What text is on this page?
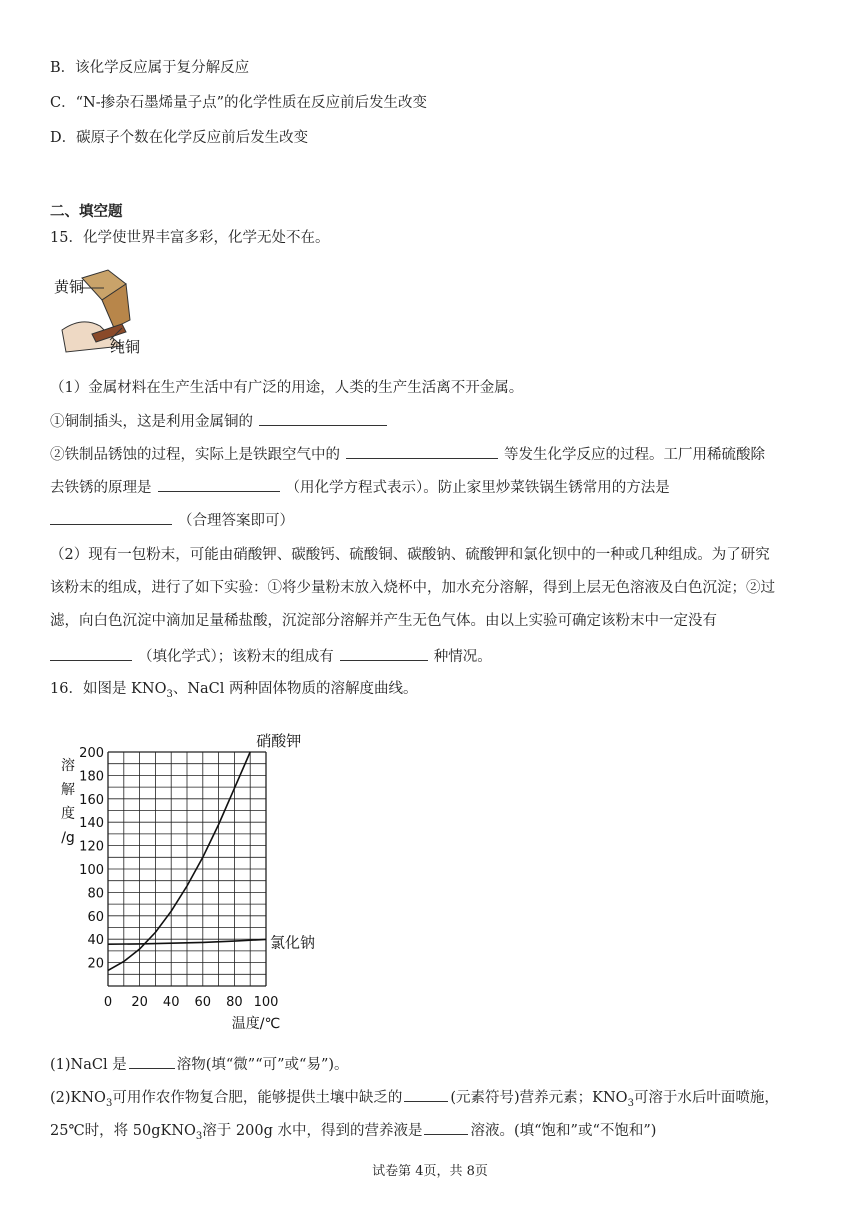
B．该化学反应属于复分解反应
C．“N-掺杂石墨烯量子点”的化学性质在反应前后发生改变
D．碳原子个数在化学反应前后发生改变
二、填空题
15．化学使世界丰富多彩，化学无处不在。
黄铜
纯铜
（1）金属材料在生产生活中有广泛的用途，人类的生产生活离不开金属。
①铜制插头，这是利用金属铜的
②铁制品锈蚀的过程，实际上是铁跟空气中的	等发生化学反应的过程。工厂用稀硫酸除
去铁锈的原理是	（用化学方程式表示）。防止家里炒菜铁锅生锈常用的方法是
（合理答案即可）
（2）现有一包粉末，可能由硝酸钾、碳酸钙、硫酸铜、碳酸钠、硫酸钾和氯化钡中的一种或几种组成。为了研究
该粉末的组成，进行了如下实验：①将少量粉末放入烧杯中，加水充分溶解，得到上层无色溶液及白色沉淀；②过
滤，向白色沉淀中滴加足量稀盐酸，沉淀部分溶解并产生无色气体。由以上实验可确定该粉末中一定没有
（填化学式）；该粉末的组成有	种情况。
16．如图是 $KNO_3$、NaCl 两种固体物质的溶解度曲线。
溶
解
度
/g
20
40
60
80
100
120
140
160
180
200
0 20 40 60 80 100
硝酸钾
氯化钠
温度/℃
(1)NaCl 是	溶物(填“微”“可”或“易”)。
$(2)KNO_3$可用作农作物复合肥，能够提供土壤中缺乏的	(元素符号)营养元素；$KNO_3$可溶于水后叶面喷施，
25℃时，将 50gKNO$_3$溶于 200g 水中，得到的营养液是	溶液。(填“饱和”或“不饱和”)
试卷第 4页，共 8页
